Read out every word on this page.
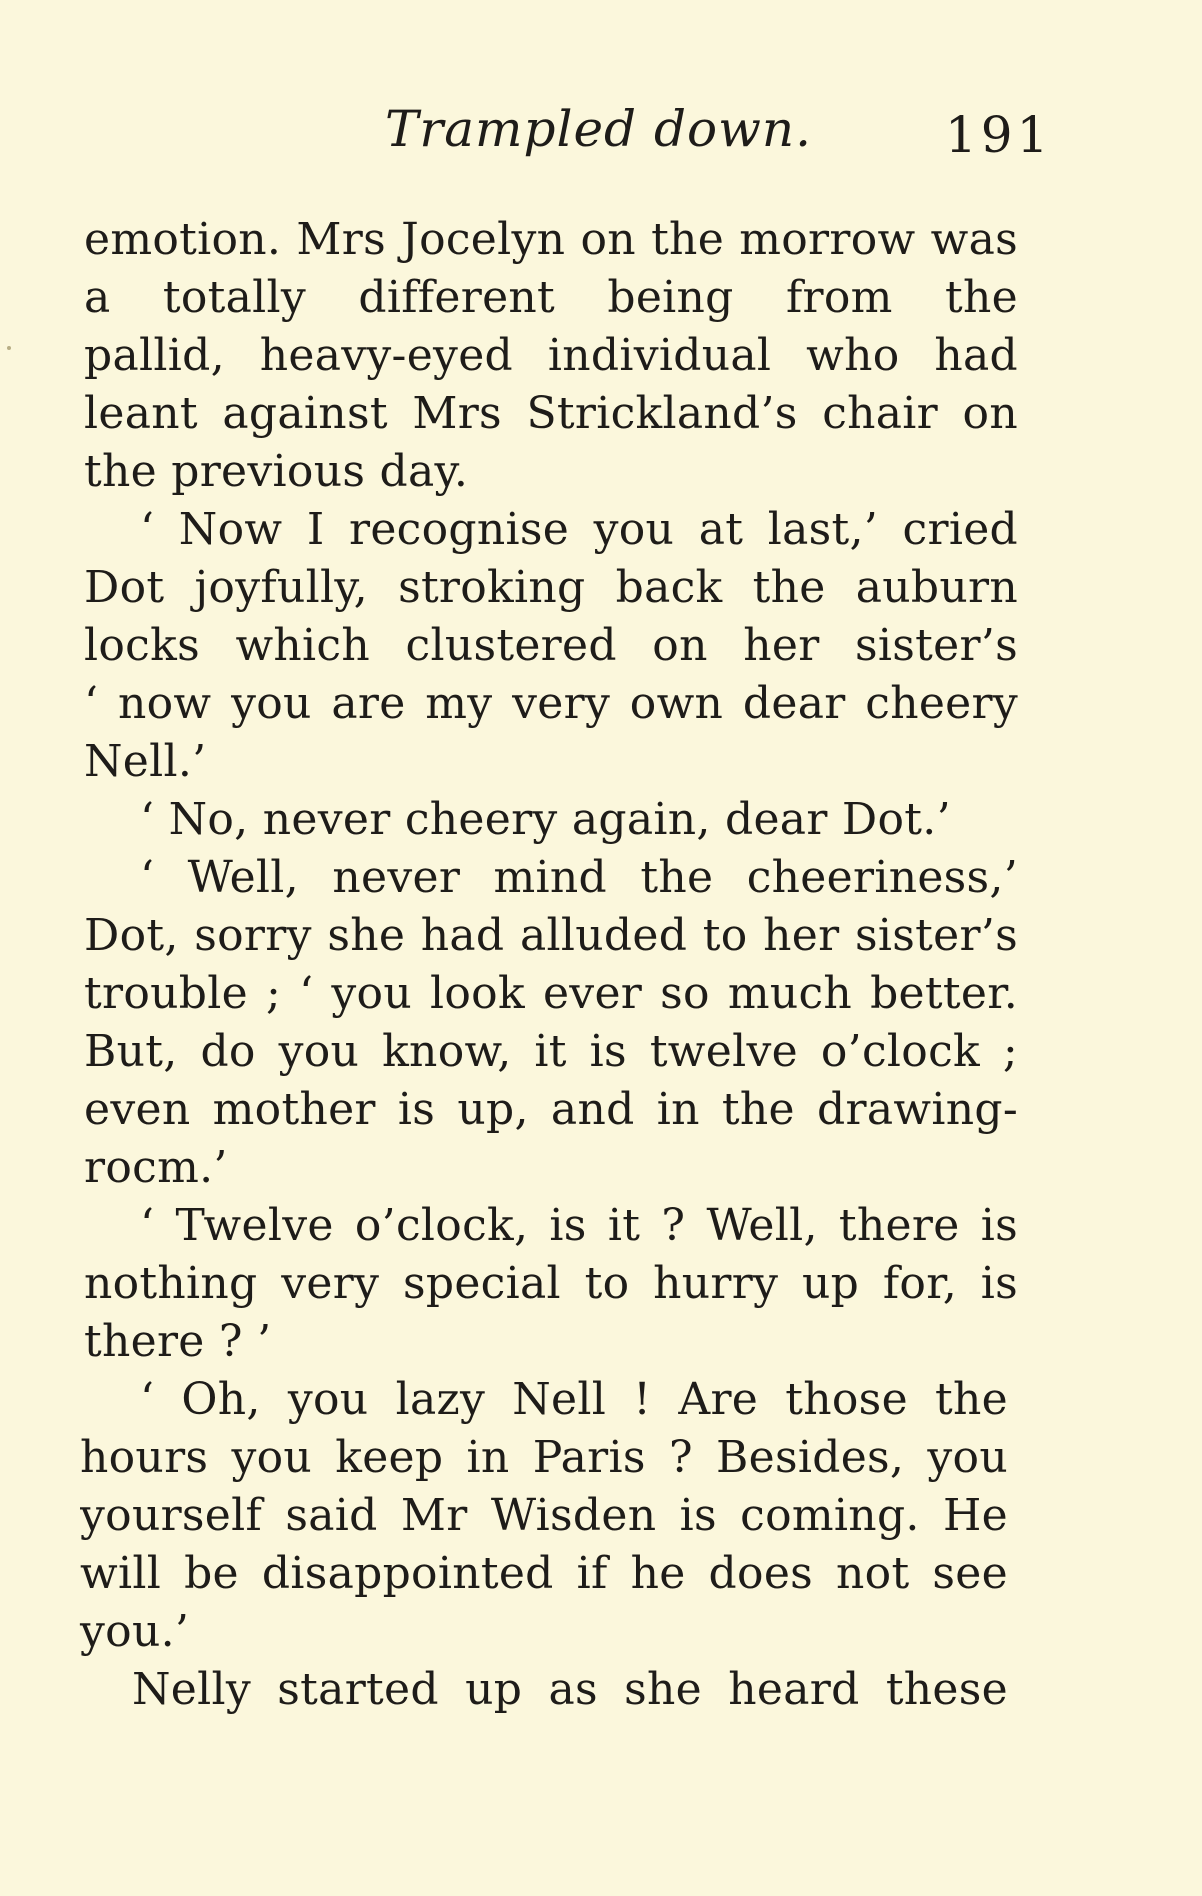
Trampled down.	191
emotion. Mrs Jocelyn on the morrow was
a totally different being from the
pallid, heavy-eyed individual who had
leant against Mrs Strickland’s chair on
the previous day.
‘ Now I recognise you at last,’ cried
Dot joyfully, stroking back the auburn
locks which clustered on her sister’s
‘ now you are my very own dear cheery
Nell.’
‘ No, never cheery again, dear Dot.’
‘ Well, never mind the cheeriness,’
Dot, sorry she had alluded to her sister’s
trouble ; ‘ you look ever so much better.
But, do you know, it is twelve o’clock ;
even mother is up, and in the drawing-
rocm.’
‘ Twelve o’clock, is it ? Well, there is
nothing very special to hurry up for, is
there ? ’
‘ Oh, you lazy Nell ! Are those the
hours you keep in Paris ? Besides, you
yourself said Mr Wisden is coming. He
will be disappointed if he does not see
you.’
Nelly started up as she heard these
